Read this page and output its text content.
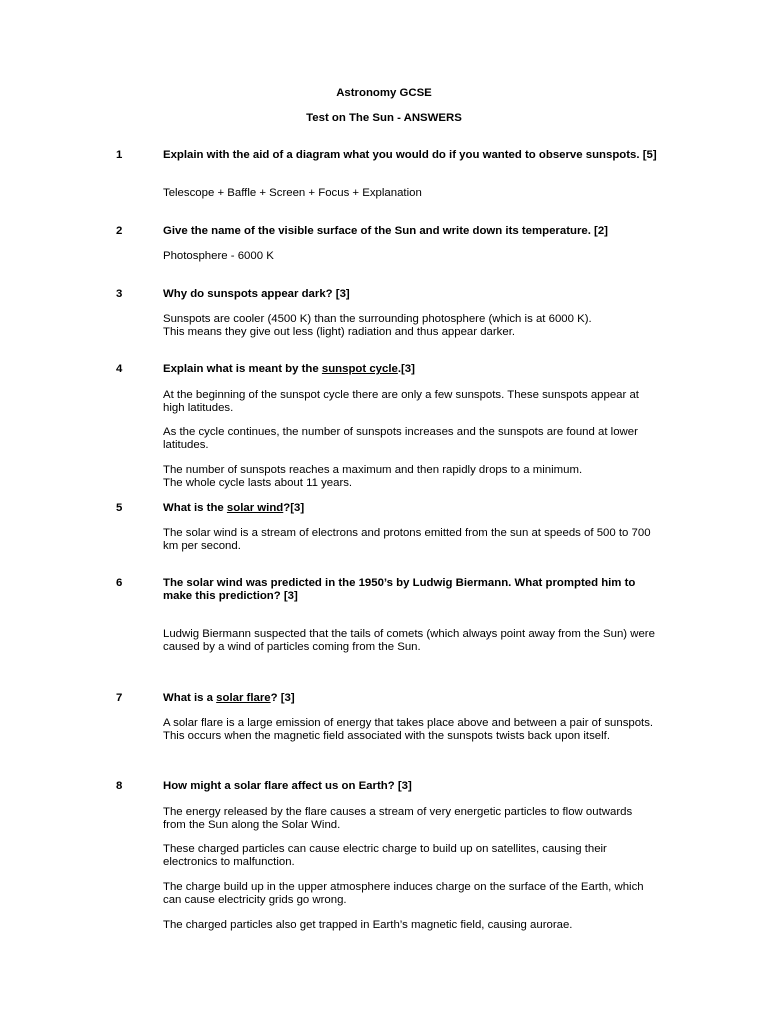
Astronomy GCSE
Test on The Sun - ANSWERS
1	Explain with the aid of a diagram what you would do if you wanted to observe sunspots. [5]
Telescope + Baffle + Screen + Focus + Explanation
2	Give the name of the visible surface of the Sun and write down its temperature. [2]
Photosphere - 6000 K
3	Why do sunspots appear dark? [3]
Sunspots are cooler (4500 K) than the surrounding photosphere (which is at 6000 K).
This means they give out less (light) radiation and thus appear darker.
4	Explain what is meant by the sunspot cycle.[3]
At the beginning of the sunspot cycle there are only a few sunspots. These sunspots appear at high latitudes.
As the cycle continues, the number of sunspots increases and the sunspots are found at lower latitudes.
The number of sunspots reaches a maximum and then rapidly drops to a minimum.
The whole cycle lasts about 11 years.
5	What is the solar wind?[3]
The solar wind is a stream of electrons and protons emitted from the sun at speeds of 500 to 700 km per second.
6	The solar wind was predicted in the 1950’s by Ludwig Biermann. What prompted him to make this prediction? [3]
Ludwig Biermann suspected that the tails of comets (which always point away from the Sun) were caused by a wind of particles coming from the Sun.
7	What is a solar flare? [3]
A solar flare is a large emission of energy that takes place above and between a pair of sunspots. This occurs when the magnetic field associated with the sunspots twists back upon itself.
8	How might a solar flare affect us on Earth? [3]
The energy released by the flare causes a stream of very energetic particles to flow outwards from the Sun along the Solar Wind.
These charged particles can cause electric charge to build up on satellites, causing their electronics to malfunction.
The charge build up in the upper atmosphere induces charge on the surface of the Earth, which can cause electricity grids go wrong.
The charged particles also get trapped in Earth’s magnetic field, causing aurorae.
